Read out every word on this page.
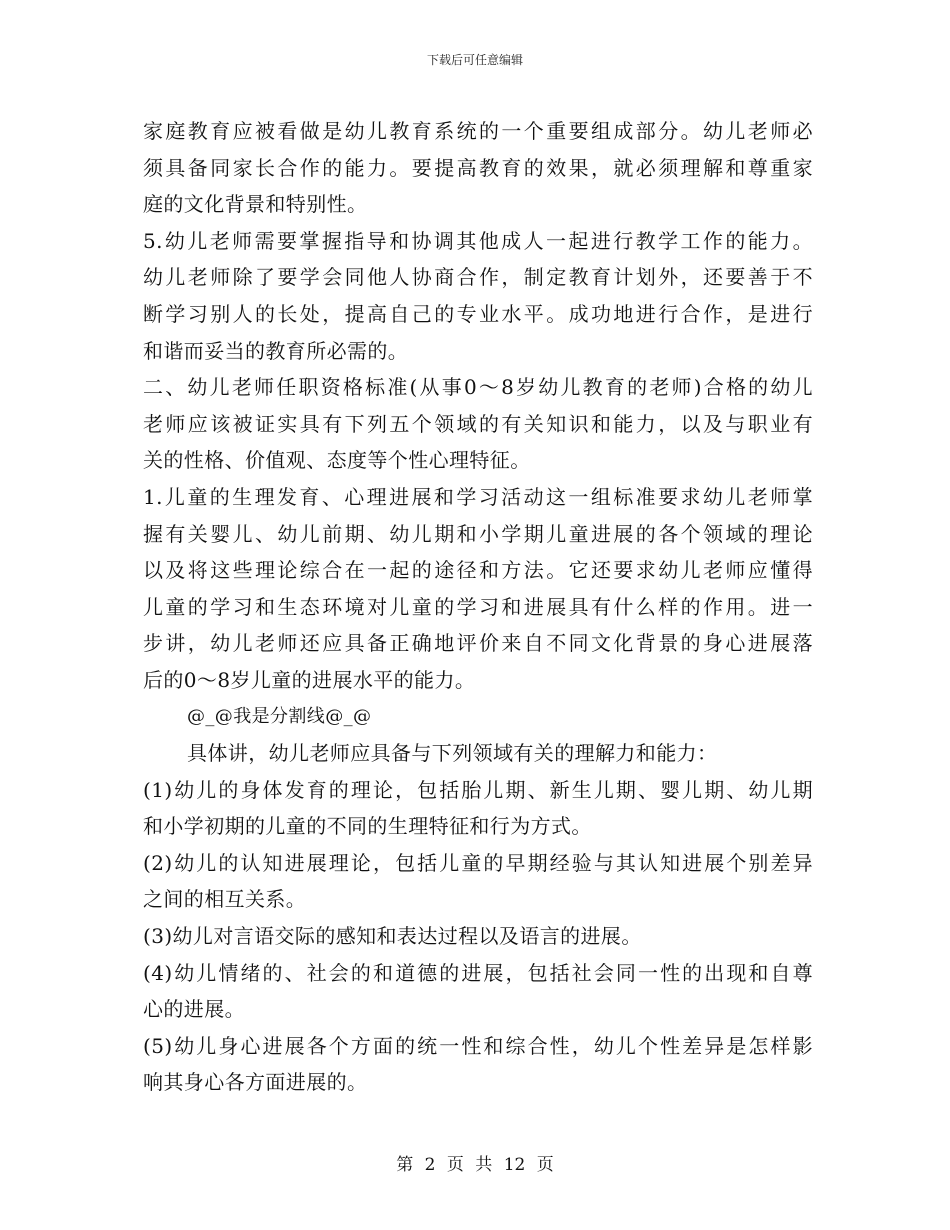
下载后可任意编辑
家庭教育应被看做是幼儿教育系统的一个重要组成部分。幼儿老师必
须具备同家长合作的能力。要提高教育的效果，就必须理解和尊重家
庭的文化背景和特别性。
5.幼儿老师需要掌握指导和协调其他成人一起进行教学工作的能力。
幼儿老师除了要学会同他人协商合作，制定教育计划外，还要善于不
断学习别人的长处，提高自己的专业水平。成功地进行合作，是进行
和谐而妥当的教育所必需的。
二、幼儿老师任职资格标准(从事0～8岁幼儿教育的老师)合格的幼儿
老师应该被证实具有下列五个领域的有关知识和能力，以及与职业有
关的性格、价值观、态度等个性心理特征。
1.儿童的生理发育、心理进展和学习活动这一组标准要求幼儿老师掌
握有关婴儿、幼儿前期、幼儿期和小学期儿童进展的各个领域的理论
以及将这些理论综合在一起的途径和方法。它还要求幼儿老师应懂得
儿童的学习和生态环境对儿童的学习和进展具有什么样的作用。进一
步讲，幼儿老师还应具备正确地评价来自不同文化背景的身心进展落
后的0～8岁儿童的进展水平的能力。
@_@我是分割线@_@
具体讲，幼儿老师应具备与下列领域有关的理解力和能力：
(1)幼儿的身体发育的理论，包括胎儿期、新生儿期、婴儿期、幼儿期
和小学初期的儿童的不同的生理特征和行为方式。
(2)幼儿的认知进展理论，包括儿童的早期经验与其认知进展个别差异
之间的相互关系。
(3)幼儿对言语交际的感知和表达过程以及语言的进展。
(4)幼儿情绪的、社会的和道德的进展，包括社会同一性的出现和自尊
心的进展。
(5)幼儿身心进展各个方面的统一性和综合性，幼儿个性差异是怎样影
响其身心各方面进展的。
第 2 页 共 12 页
